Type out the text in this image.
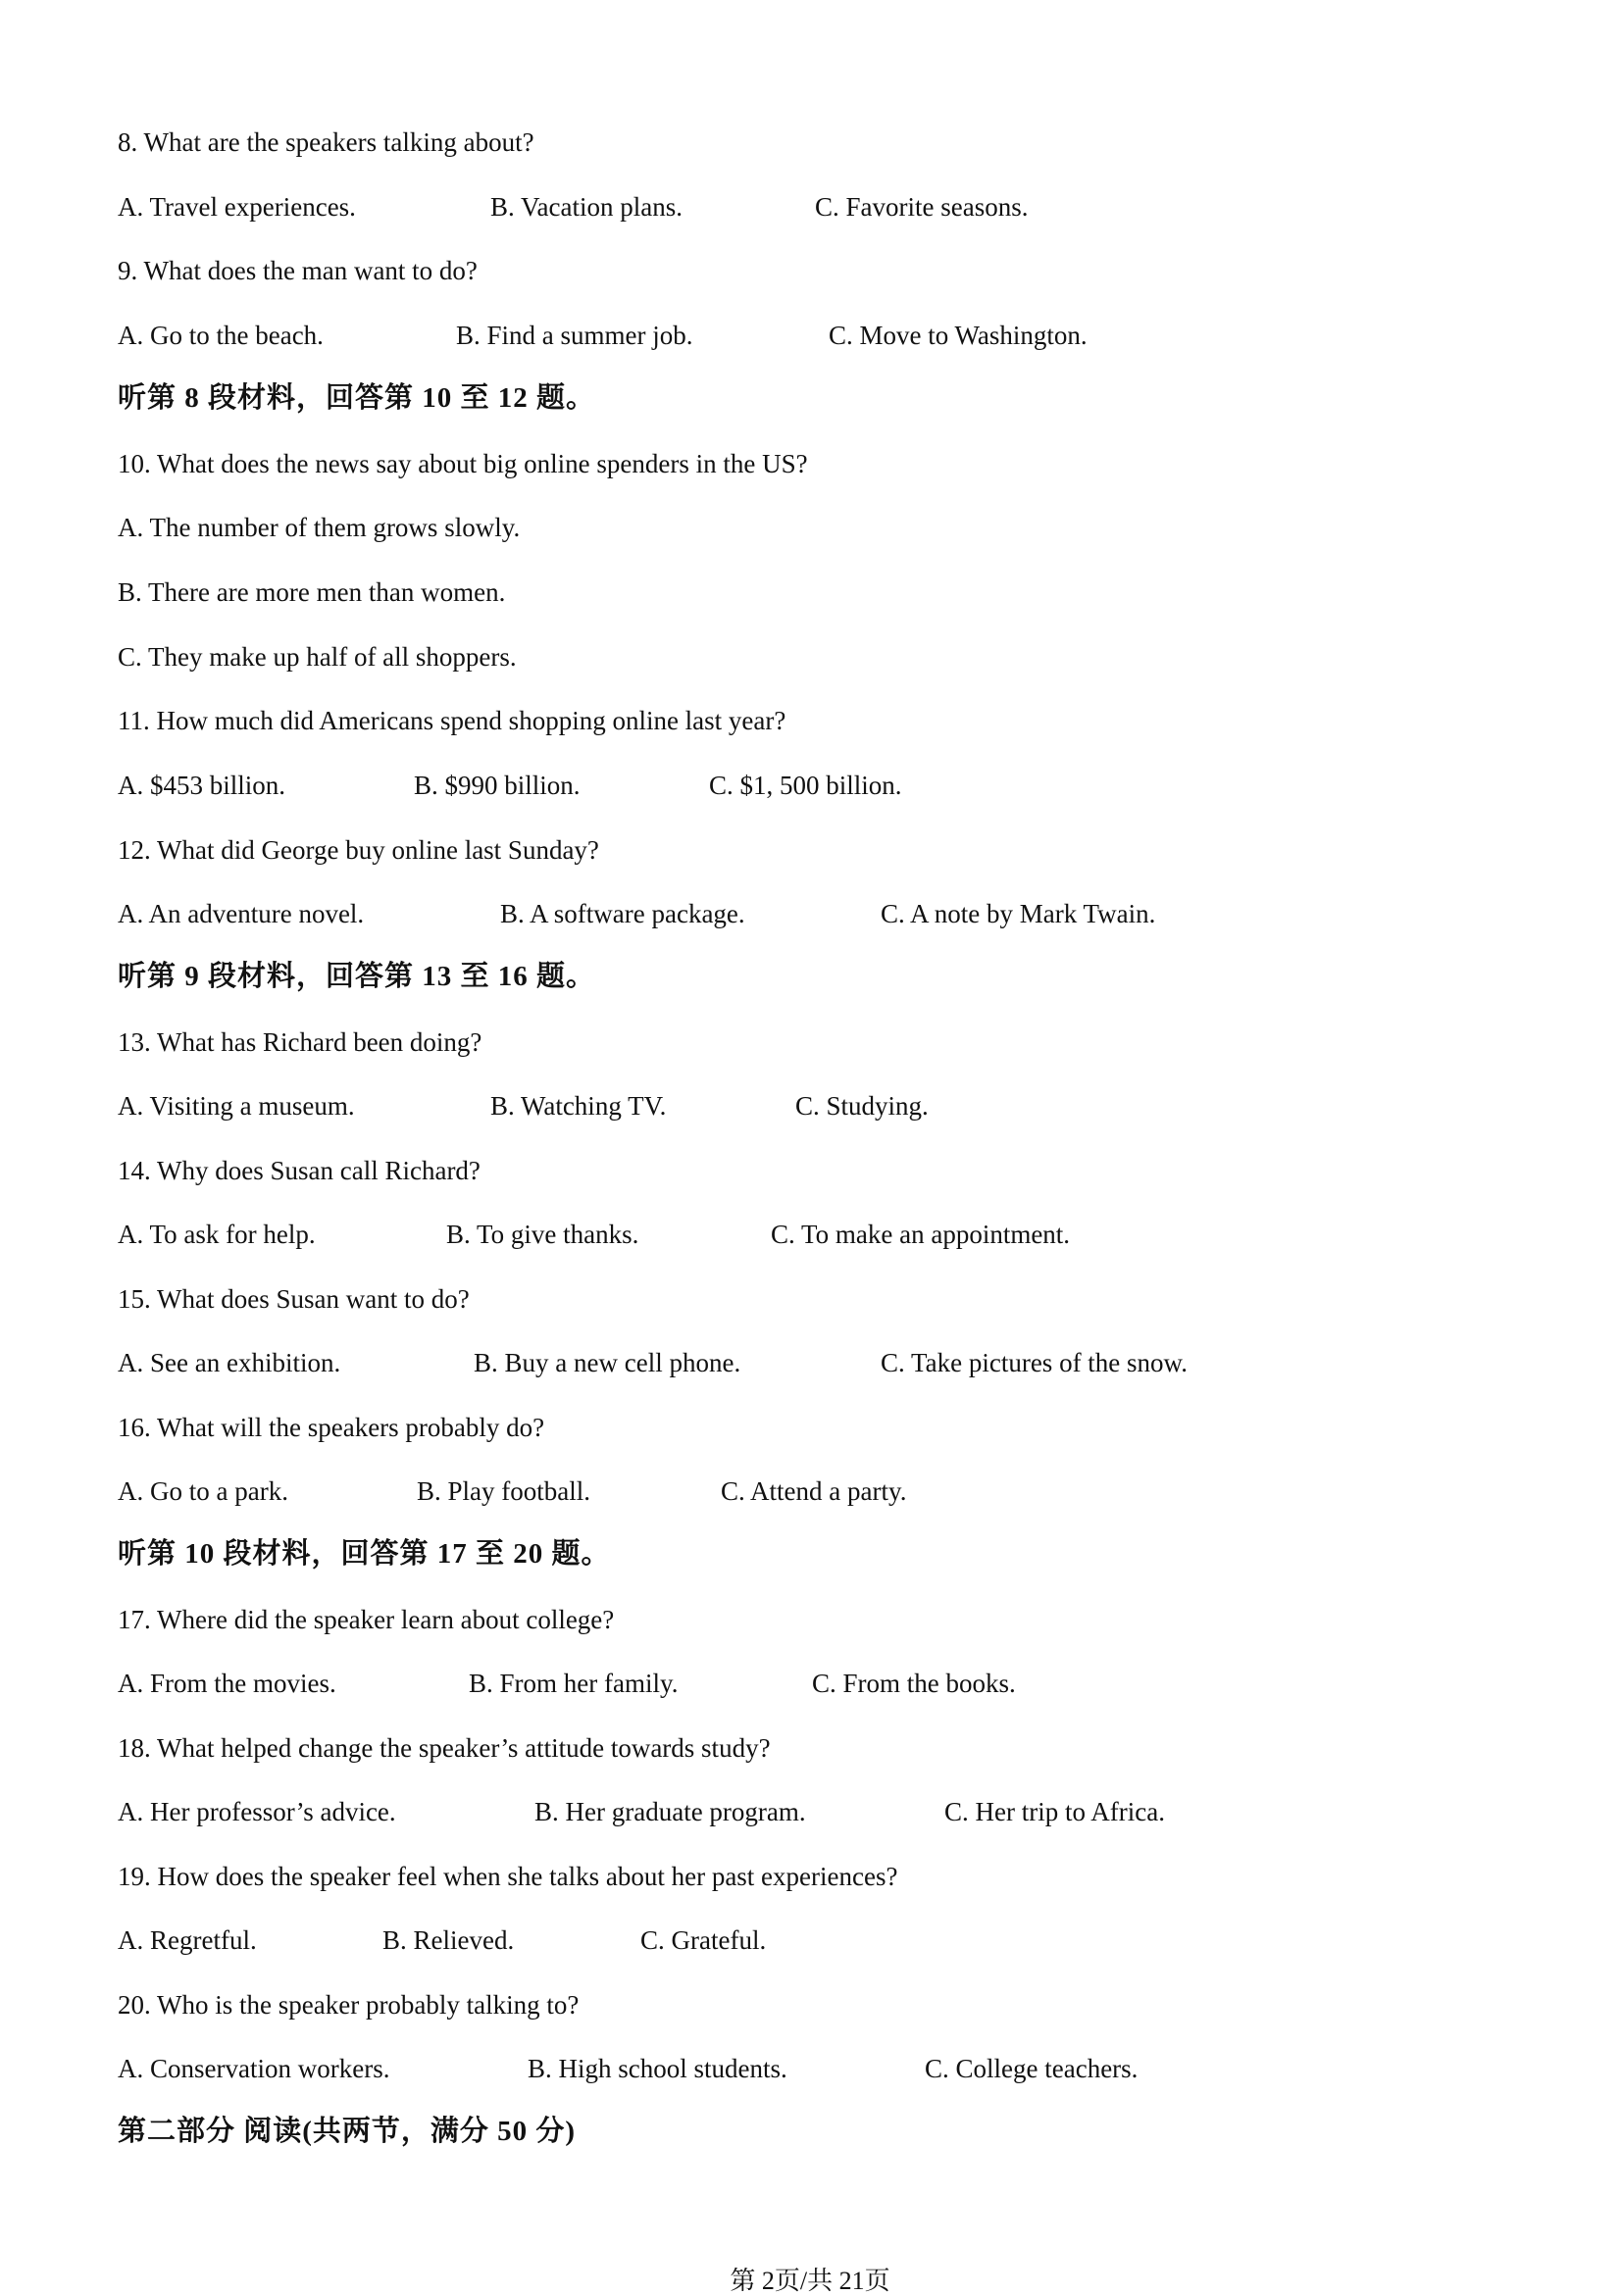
8. What are the speakers talking about?
A. Travel experiences.	B. Vacation plans.	C. Favorite seasons.
9. What does the man want to do?
A. Go to the beach.	B. Find a summer job.	C. Move to Washington.
听第 8 段材料，回答第 10 至 12 题。
10. What does the news say about big online spenders in the US?
A. The number of them grows slowly.
B. There are more men than women.
C. They make up half of all shoppers.
11. How much did Americans spend shopping online last year?
A. $453 billion.	B. $990 billion.	C. $1, 500 billion.
12. What did George buy online last Sunday?
A. An adventure novel.	B. A software package.	C. A note by Mark Twain.
听第 9 段材料，回答第 13 至 16 题。
13. What has Richard been doing?
A. Visiting a museum.	B. Watching TV.	C. Studying.
14. Why does Susan call Richard?
A. To ask for help.	B. To give thanks.	C. To make an appointment.
15. What does Susan want to do?
A. See an exhibition.	B. Buy a new cell phone.	C. Take pictures of the snow.
16. What will the speakers probably do?
A. Go to a park.	B. Play football.	C. Attend a party.
听第 10 段材料，回答第 17 至 20 题。
17. Where did the speaker learn about college?
A. From the movies.	B. From her family.	C. From the books.
18. What helped change the speaker’s attitude towards study?
A. Her professor’s advice.	B. Her graduate program.	C. Her trip to Africa.
19. How does the speaker feel when she talks about her past experiences?
A. Regretful.	B. Relieved.	C. Grateful.
20. Who is the speaker probably talking to?
A. Conservation workers.	B. High school students.	C. College teachers.
第二部分 阅读(共两节，满分 50 分)
第 2页/共 21页
